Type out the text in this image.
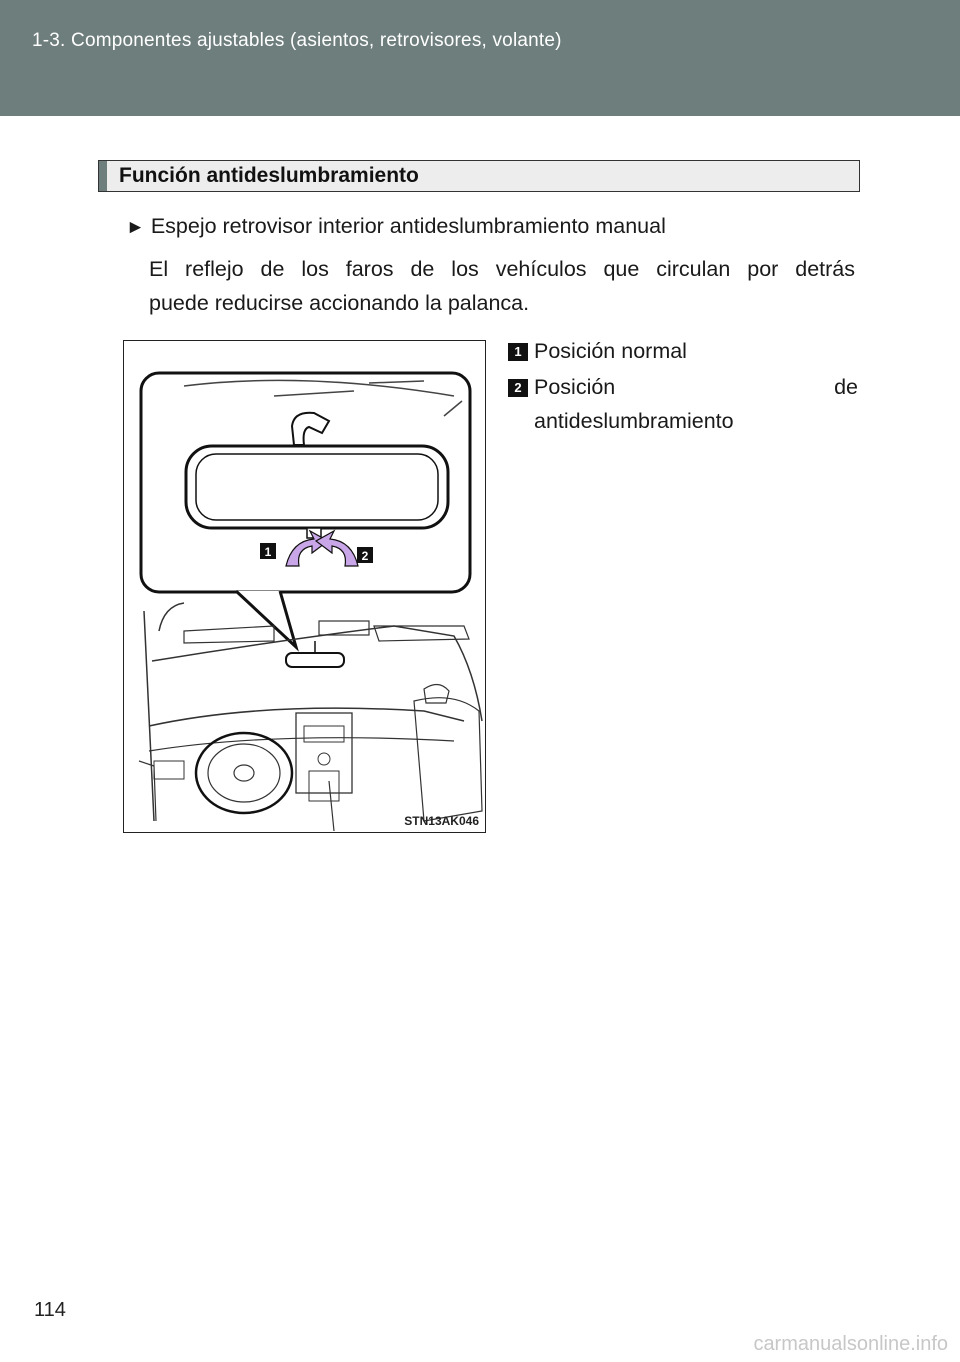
1-3. Componentes ajustables (asientos, retrovisores, volante)
Función antideslumbramiento
► Espejo retrovisor interior antideslumbramiento manual
El reflejo de los faros de los vehículos que circulan por detrás
puede reducirse accionando la palanca.
1 Posición normal
2 Posición	de
antideslumbramiento
1	2
STN13AK046
114
carmanualsonline.info
